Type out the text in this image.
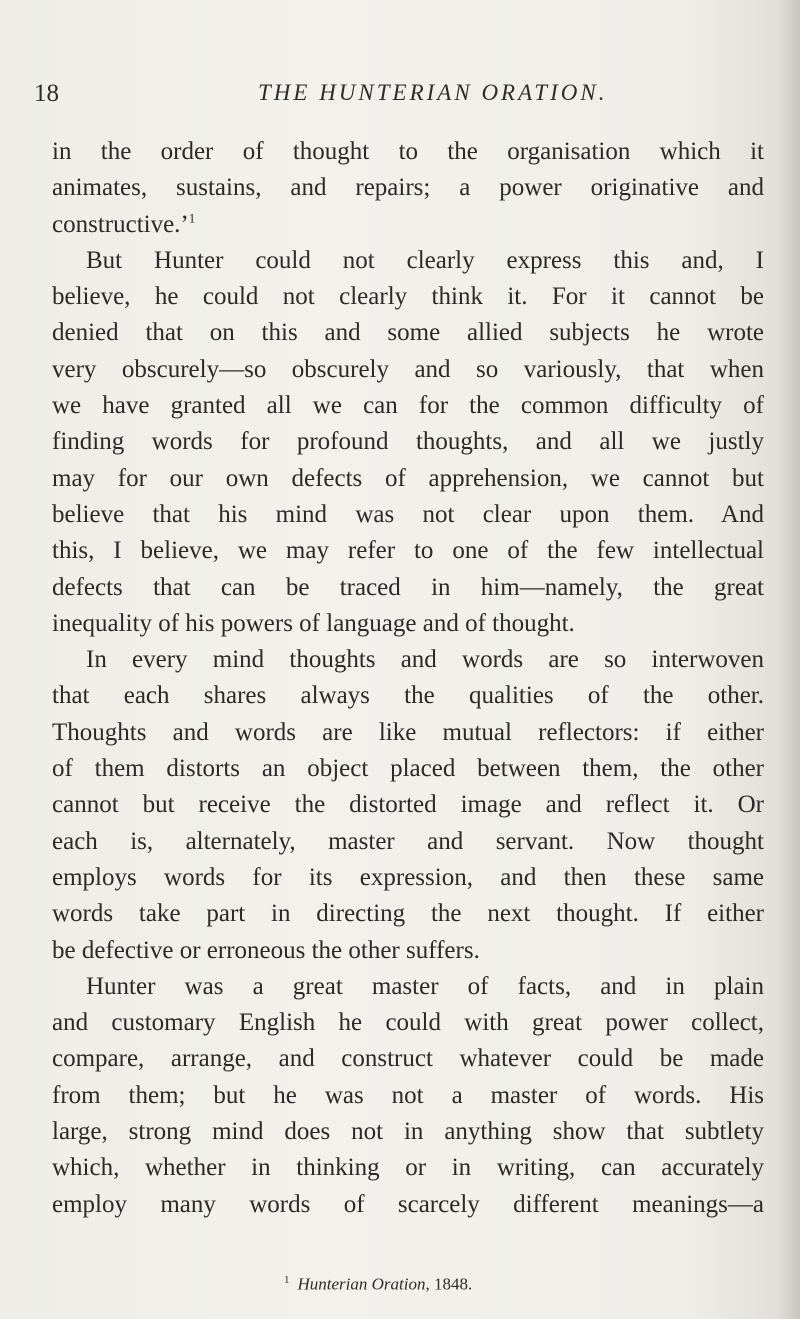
18	THE HUNTERIAN ORATION.
in the order of thought to the organisation which it
animates, sustains, and repairs; a power originative and
constructive.’$^1$
But Hunter could not clearly express this and, I
believe, he could not clearly think it. For it cannot be
denied that on this and some allied subjects he wrote
very obscurely—so obscurely and so variously, that when
we have granted all we can for the common difficulty of
finding words for profound thoughts, and all we justly
may for our own defects of apprehension, we cannot but
believe that his mind was not clear upon them. And
this, I believe, we may refer to one of the few intellectual
defects that can be traced in him—namely, the great
inequality of his powers of language and of thought.
In every mind thoughts and words are so interwoven
that each shares always the qualities of the other.
Thoughts and words are like mutual reflectors: if either
of them distorts an object placed between them, the other
cannot but receive the distorted image and reflect it. Or
each is, alternately, master and servant. Now thought
employs words for its expression, and then these same
words take part in directing the next thought. If either
be defective or erroneous the other suffers.
Hunter was a great master of facts, and in plain
and customary English he could with great power collect,
compare, arrange, and construct whatever could be made
from them; but he was not a master of words. His
large, strong mind does not in anything show that subtlety
which, whether in thinking or in writing, can accurately
employ many words of scarcely different meanings—a
$^1$ Hunterian Oration, 1848.
